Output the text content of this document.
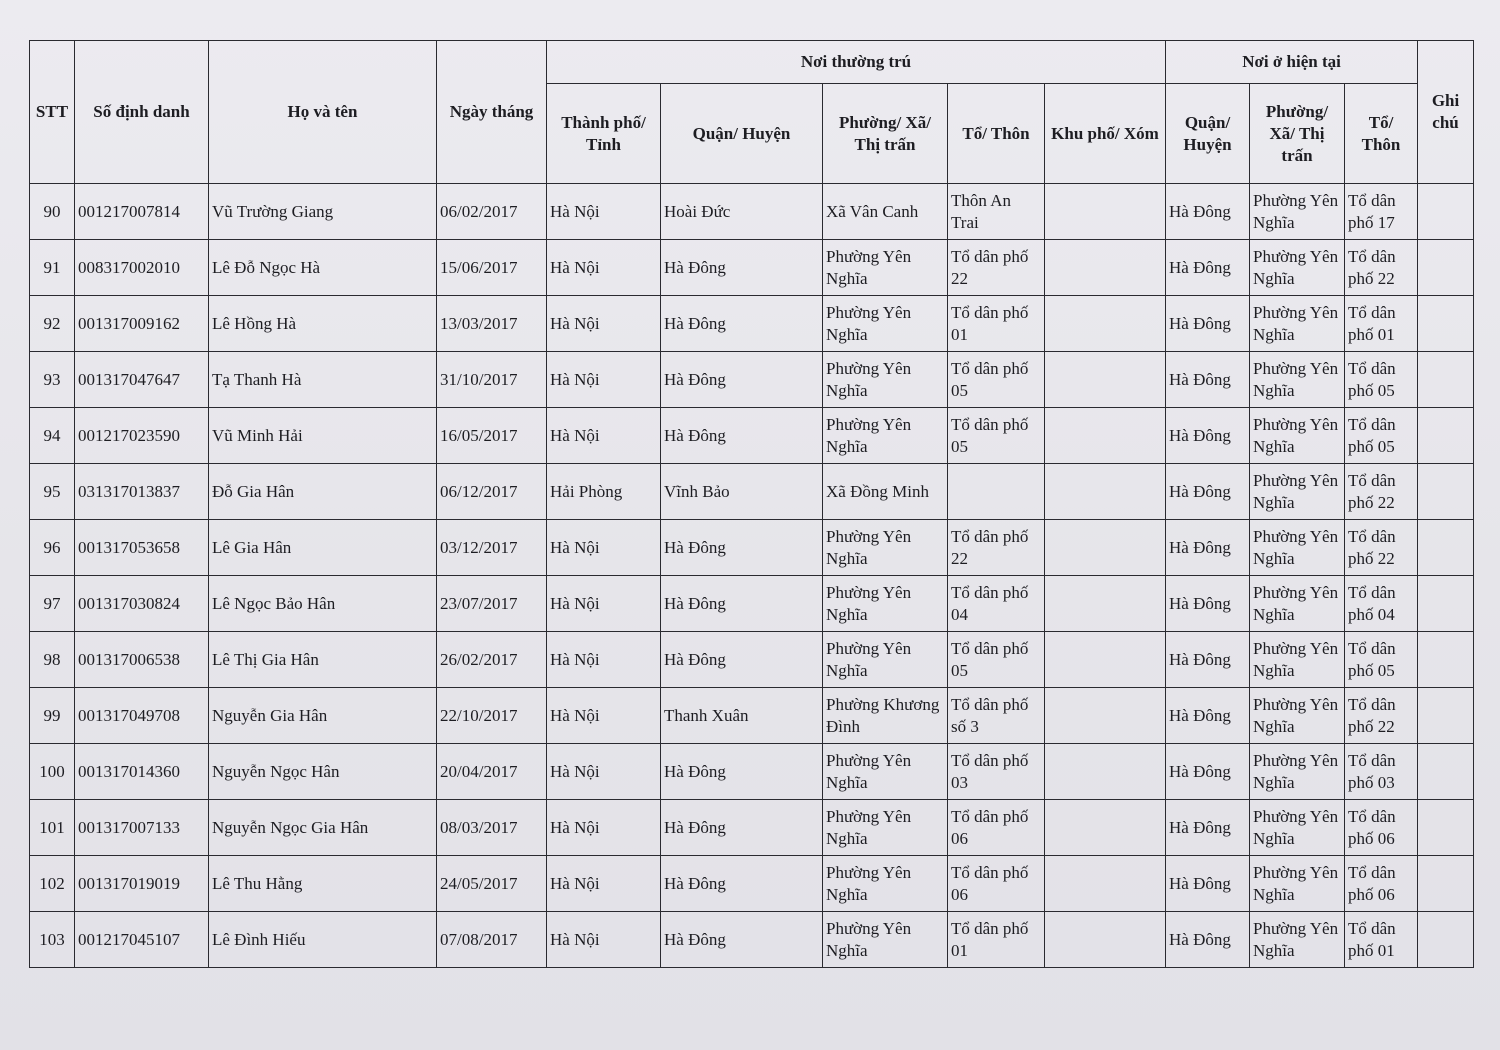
STT	Số định danh	Họ và tên	Ngày tháng	Nơi thường trú					Nơi ở hiện tại			Ghi chú
				Thành phố/ Tỉnh	Quận/ Huyện	Phường/ Xã/ Thị trấn	Tổ/ Thôn	Khu phố/ Xóm	Quận/ Huyện	Phường/ Xã/ Thị trấn	Tổ/ Thôn	
90	001217007814	Vũ Trường Giang	06/02/2017	Hà Nội	Hoài Đức	Xã Vân Canh	Thôn An Trai		Hà Đông	Phường Yên Nghĩa	Tổ dân phố 17	
91	008317002010	Lê Đỗ Ngọc Hà	15/06/2017	Hà Nội	Hà Đông	Phường Yên Nghĩa	Tổ dân phố 22		Hà Đông	Phường Yên Nghĩa	Tổ dân phố 22	
92	001317009162	Lê Hồng Hà	13/03/2017	Hà Nội	Hà Đông	Phường Yên Nghĩa	Tổ dân phố 01		Hà Đông	Phường Yên Nghĩa	Tổ dân phố 01	
93	001317047647	Tạ Thanh Hà	31/10/2017	Hà Nội	Hà Đông	Phường Yên Nghĩa	Tổ dân phố 05		Hà Đông	Phường Yên Nghĩa	Tổ dân phố 05	
94	001217023590	Vũ Minh Hải	16/05/2017	Hà Nội	Hà Đông	Phường Yên Nghĩa	Tổ dân phố 05		Hà Đông	Phường Yên Nghĩa	Tổ dân phố 05	
95	031317013837	Đỗ Gia Hân	06/12/2017	Hải Phòng	Vĩnh Bảo	Xã Đồng Minh			Hà Đông	Phường Yên Nghĩa	Tổ dân phố 22	
96	001317053658	Lê Gia Hân	03/12/2017	Hà Nội	Hà Đông	Phường Yên Nghĩa	Tổ dân phố 22		Hà Đông	Phường Yên Nghĩa	Tổ dân phố 22	
97	001317030824	Lê Ngọc Bảo Hân	23/07/2017	Hà Nội	Hà Đông	Phường Yên Nghĩa	Tổ dân phố 04		Hà Đông	Phường Yên Nghĩa	Tổ dân phố 04	
98	001317006538	Lê Thị Gia Hân	26/02/2017	Hà Nội	Hà Đông	Phường Yên Nghĩa	Tổ dân phố 05		Hà Đông	Phường Yên Nghĩa	Tổ dân phố 05	
99	001317049708	Nguyễn Gia Hân	22/10/2017	Hà Nội	Thanh Xuân	Phường Khương Đình	Tổ dân phố số 3		Hà Đông	Phường Yên Nghĩa	Tổ dân phố 22	
100	001317014360	Nguyễn Ngọc Hân	20/04/2017	Hà Nội	Hà Đông	Phường Yên Nghĩa	Tổ dân phố 03		Hà Đông	Phường Yên Nghĩa	Tổ dân phố 03	
101	001317007133	Nguyễn Ngọc Gia Hân	08/03/2017	Hà Nội	Hà Đông	Phường Yên Nghĩa	Tổ dân phố 06		Hà Đông	Phường Yên Nghĩa	Tổ dân phố 06	
102	001317019019	Lê Thu Hằng	24/05/2017	Hà Nội	Hà Đông	Phường Yên Nghĩa	Tổ dân phố 06		Hà Đông	Phường Yên Nghĩa	Tổ dân phố 06	
103	001217045107	Lê Đình Hiếu	07/08/2017	Hà Nội	Hà Đông	Phường Yên Nghĩa	Tổ dân phố 01		Hà Đông	Phường Yên Nghĩa	Tổ dân phố 01	
